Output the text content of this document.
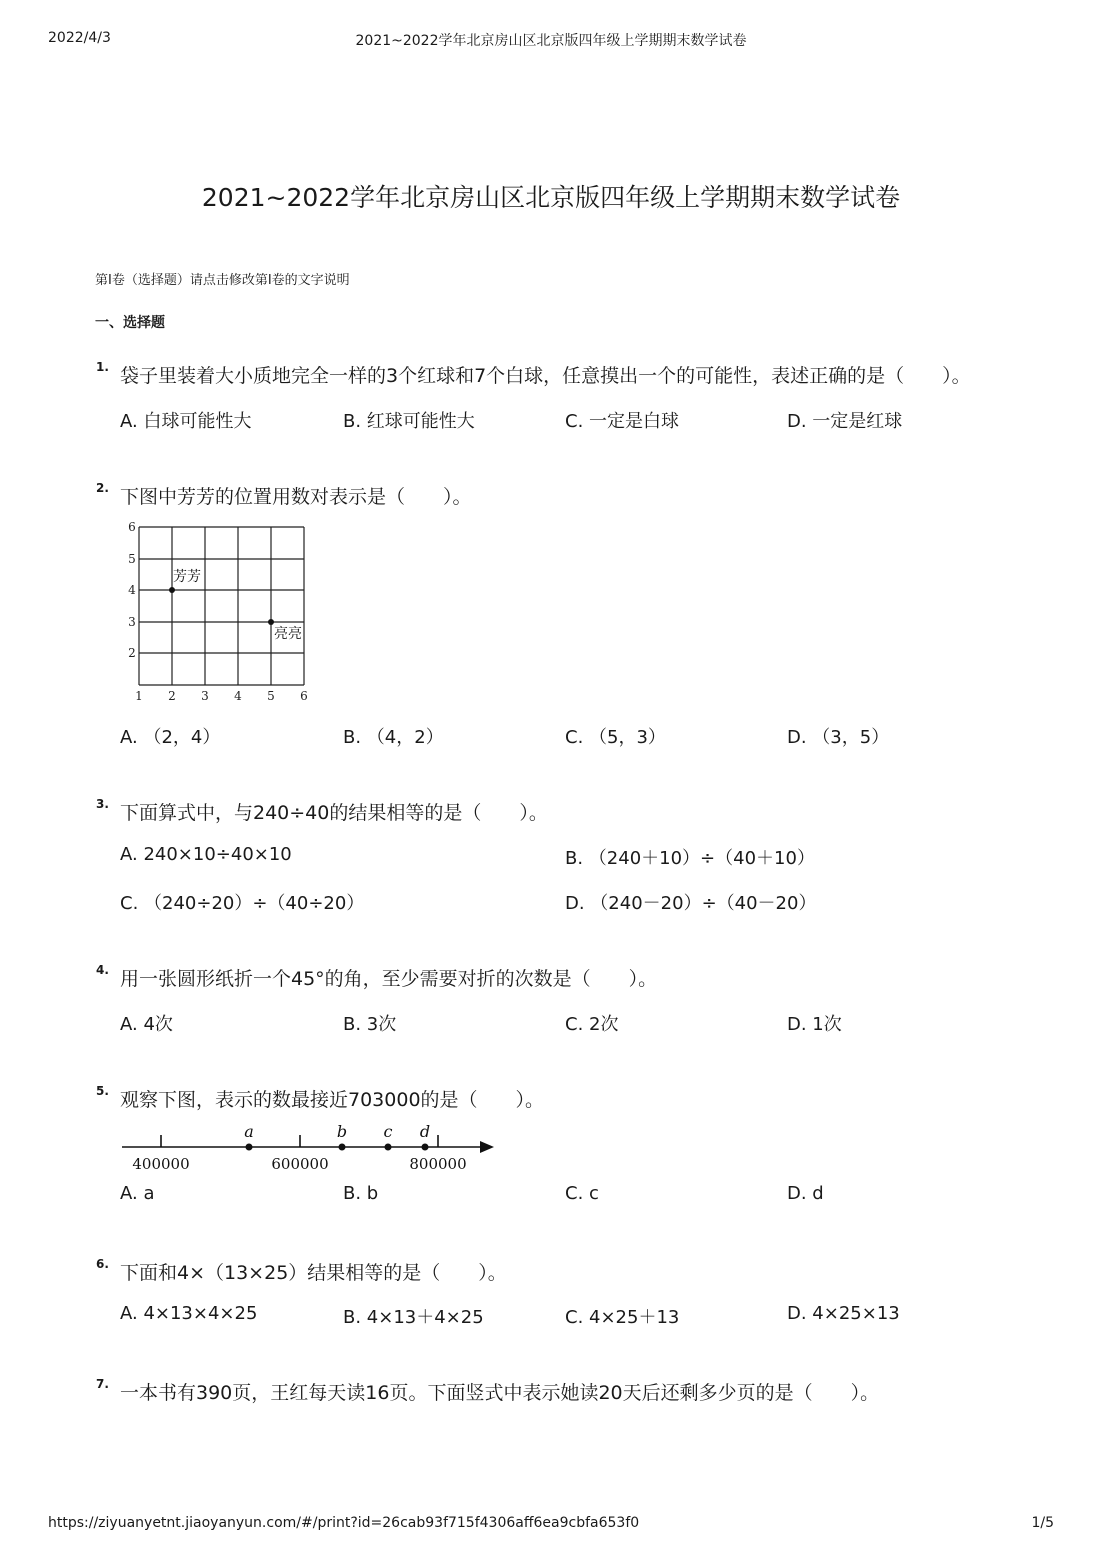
2022/4/3	2021~2022学年北京房山区北京版四年级上学期期末数学试卷
2021~2022学年北京房山区北京版四年级上学期期末数学试卷
第Ⅰ卷（选择题）请点击修改第Ⅰ卷的文字说明
一、选择题
1. 袋子里装着大小质地完全一样的3个红球和7个白球，任意摸出一个的可能性，表述正确的是（　　）。
A. 白球可能性大	B. 红球可能性大	C. 一定是白球	D. 一定是红球
2. 下图中芳芳的位置用数对表示是（　　）。
1 2 3 4 5 6
2
3
4
5
6
芳芳
亮亮
A. （2，4）	B. （4，2）	C. （5，3）	D. （3，5）
3. 下面算式中，与240÷40的结果相等的是（　　）。
A. 240×10÷40×10	B. （240＋10）÷（40＋10）
C. （240÷20）÷（40÷20）	D. （240－20）÷（40－20）
4. 用一张圆形纸折一个45°的角，至少需要对折的次数是（　　）。
A. 4次	B. 3次	C. 2次	D. 1次
5. 观察下图，表示的数最接近703000的是（　　）。
400000	600000	800000
a	b c d
A. a	B. b	C. c	D. d
6. 下面和4×（13×25）结果相等的是（　　）。
A. 4×13×4×25	B. 4×13＋4×25	C. 4×25＋13	D. 4×25×13
7. 一本书有390页，王红每天读16页。下面竖式中表示她读20天后还剩多少页的是（　　）。
https://ziyuanyetnt.jiaoyanyun.com/#/print?id=26cab93f715f4306aff6ea9cbfa653f0	1/5
